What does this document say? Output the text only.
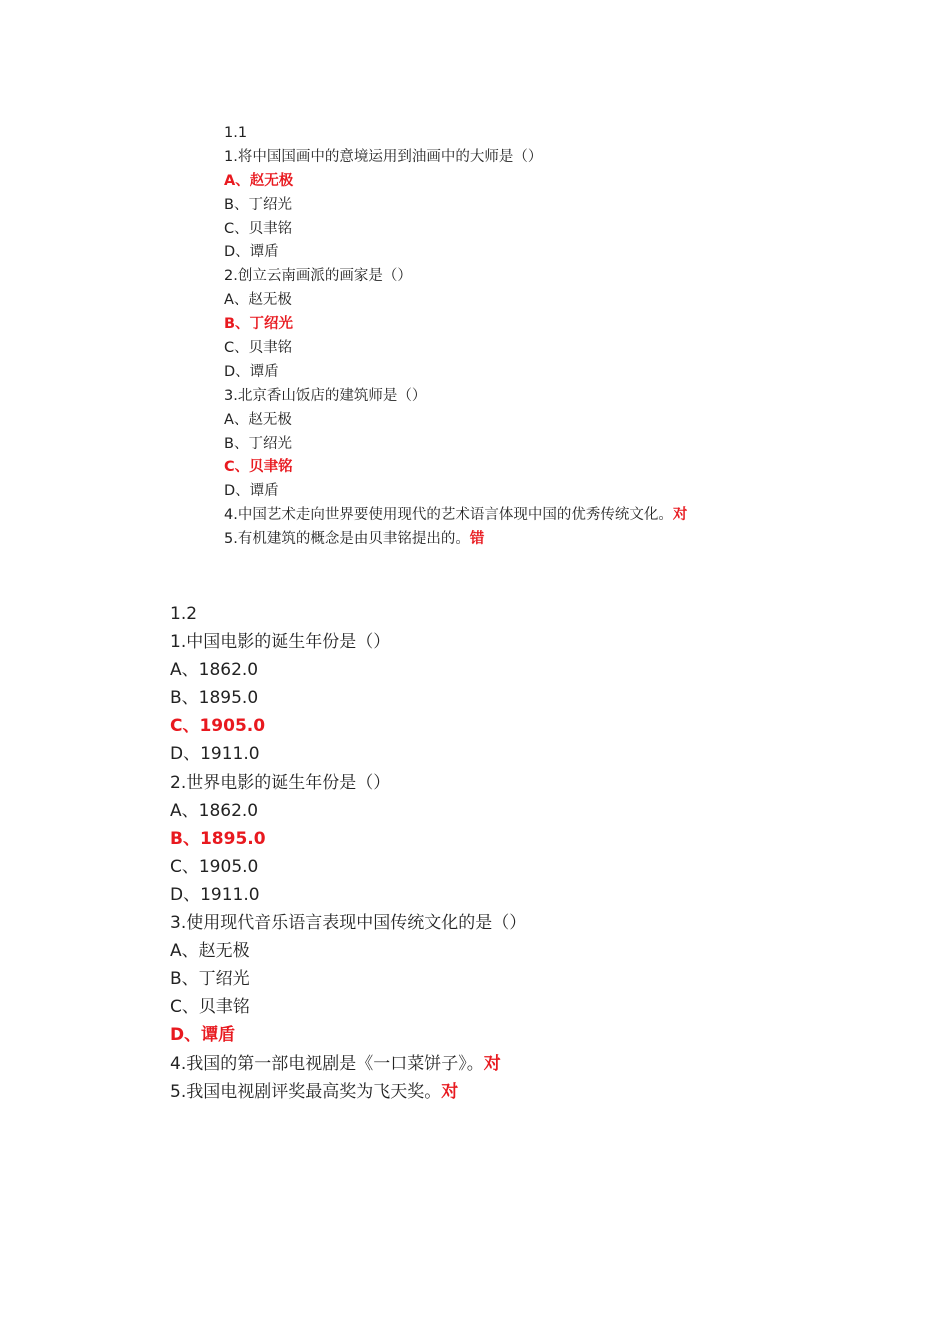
1.1
1.将中国国画中的意境运用到油画中的大师是（）
A、赵无极
B、丁绍光
C、贝聿铭
D、谭盾
2.创立云南画派的画家是（）
A、赵无极
B、丁绍光
C、贝聿铭
D、谭盾
3.北京香山饭店的建筑师是（）
A、赵无极
B、丁绍光
C、贝聿铭
D、谭盾
4.中国艺术走向世界要使用现代的艺术语言体现中国的优秀传统文化。对
5.有机建筑的概念是由贝聿铭提出的。错
1.2
1.中国电影的诞生年份是（）
A、1862.0
B、1895.0
C、1905.0
D、1911.0
2.世界电影的诞生年份是（）
A、1862.0
B、1895.0
C、1905.0
D、1911.0
3.使用现代音乐语言表现中国传统文化的是（）
A、赵无极
B、丁绍光
C、贝聿铭
D、谭盾
4.我国的第一部电视剧是《一口菜饼子》。对
5.我国电视剧评奖最高奖为飞天奖。对
